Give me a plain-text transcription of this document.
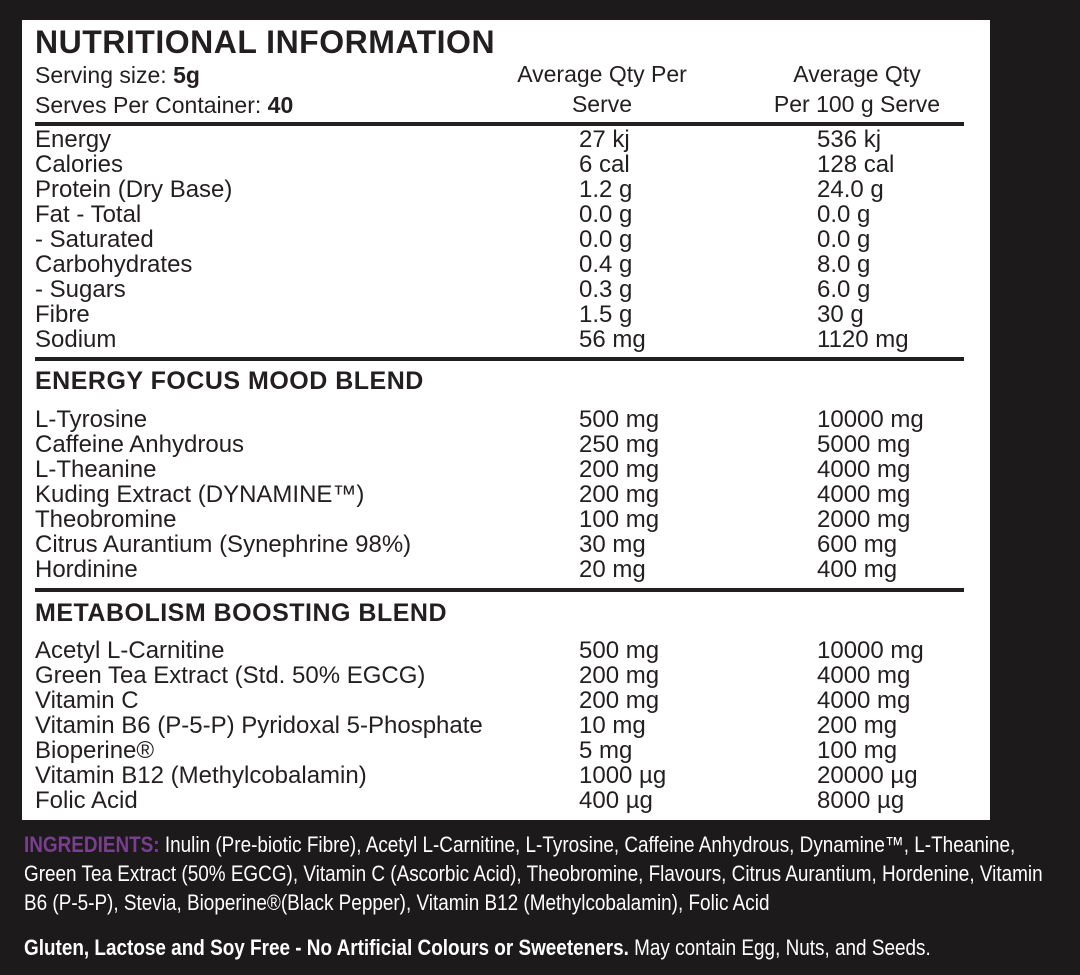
NUTRITIONAL INFORMATION
Serving size: 5g
Serves Per Container: 40
Average Qty Per
Serve
Average Qty
Per 100 g Serve
Energy	27 kj	536 kj
Calories	6 cal	128 cal
Protein (Dry Base)	1.2 g	24.0 g
Fat - Total	0.0 g	0.0 g
- Saturated	0.0 g	0.0 g
Carbohydrates	0.4 g	8.0 g
- Sugars	0.3 g	6.0 g
Fibre	1.5 g	30 g
Sodium	56 mg	1120 mg
ENERGY FOCUS MOOD BLEND
L-Tyrosine	500 mg	10000 mg
Caffeine Anhydrous	250 mg	5000 mg
L-Theanine	200 mg	4000 mg
Kuding Extract (DYNAMINE™)	200 mg	4000 mg
Theobromine	100 mg	2000 mg
Citrus Aurantium (Synephrine 98%)	30 mg	600 mg
Hordinine	20 mg	400 mg
METABOLISM BOOSTING BLEND
Acetyl L-Carnitine	500 mg	10000 mg
Green Tea Extract (Std. 50% EGCG)	200 mg	4000 mg
Vitamin C	200 mg	4000 mg
Vitamin B6 (P-5-P) Pyridoxal 5-Phosphate	10 mg	200 mg
Bioperine®	5 mg	100 mg
Vitamin B12 (Methylcobalamin)	1000 µg	20000 µg
Folic Acid	400 µg	8000 µg
INGREDIENTS: Inulin (Pre-biotic Fibre), Acetyl L-Carnitine, L-Tyrosine, Caffeine Anhydrous, Dynamine™, L-Theanine,
Green Tea Extract (50% EGCG), Vitamin C (Ascorbic Acid), Theobromine, Flavours, Citrus Aurantium, Hordenine, Vitamin
B6 (P-5-P), Stevia, Bioperine®(Black Pepper), Vitamin B12 (Methylcobalamin), Folic Acid
Gluten, Lactose and Soy Free - No Artificial Colours or Sweeteners. May contain Egg, Nuts, and Seeds.
